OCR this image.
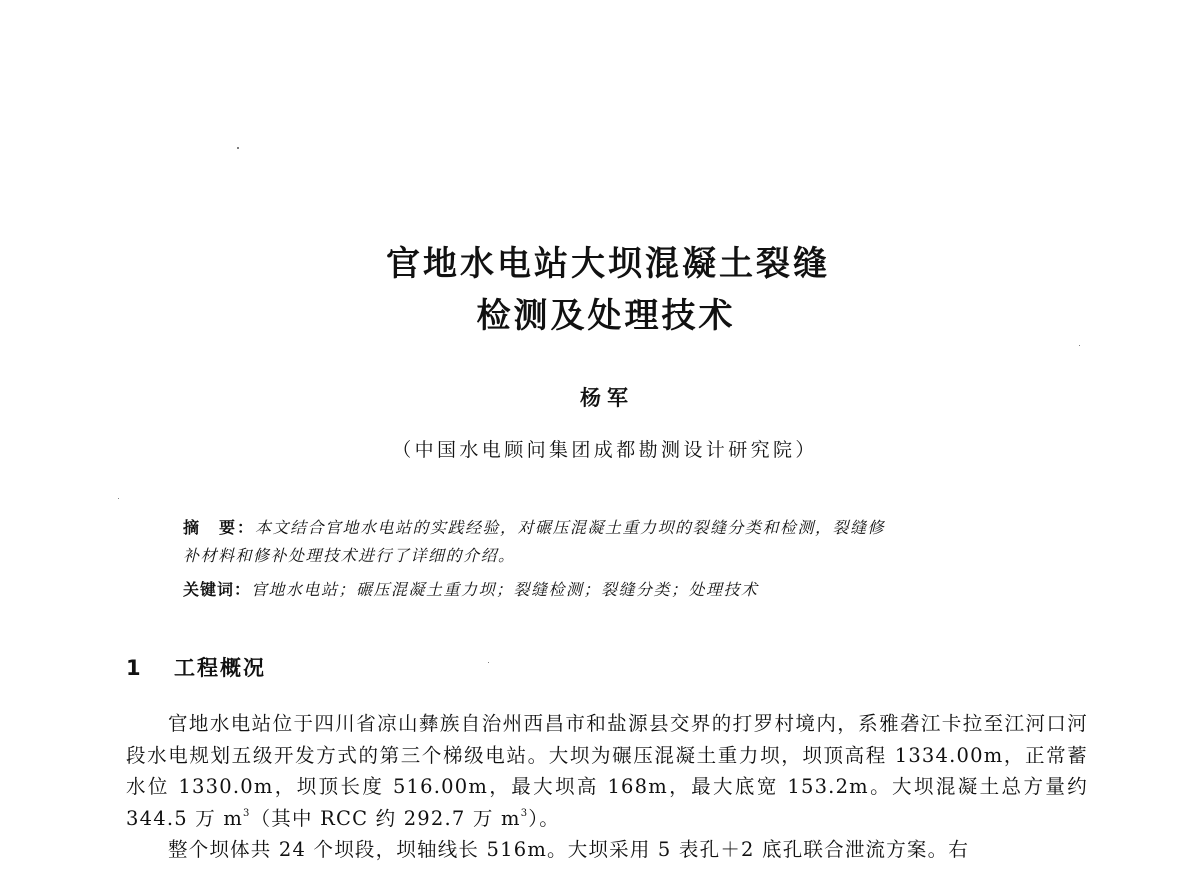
官地水电站大坝混凝土裂缝
检测及处理技术
杨军
（中国水电顾问集团成都勘测设计研究院）

摘　要：本文结合官地水电站的实践经验，对碾压混凝土重力坝的裂缝分类和检测，裂缝修

补材料和修补处理技术进行了详细的介绍。

关键词：官地水电站；碾压混凝土重力坝；裂缝检测；裂缝分类；处理技术
1 工程概况

官地水电站位于四川省凉山彝族自治州西昌市和盐源县交界的打罗村境内，系雅砻江卡拉至江河口河段水电规划五级开发方式的第三个梯级电站。大坝为碾压混凝土重力坝，坝顶高程 1334.00m，正常蓄水位 1330.0m，坝顶长度 516.00m，最大坝高 168m，最大底宽 153.2m。大坝混凝土总方量约 344.5 万 $m^3$（其中 RCC 约 292.7 万 $m^3$）。

整个坝体共 24 个坝段，坝轴线长 516m。大坝采用 5 表孔＋2 底孔联合泄流方案。右
